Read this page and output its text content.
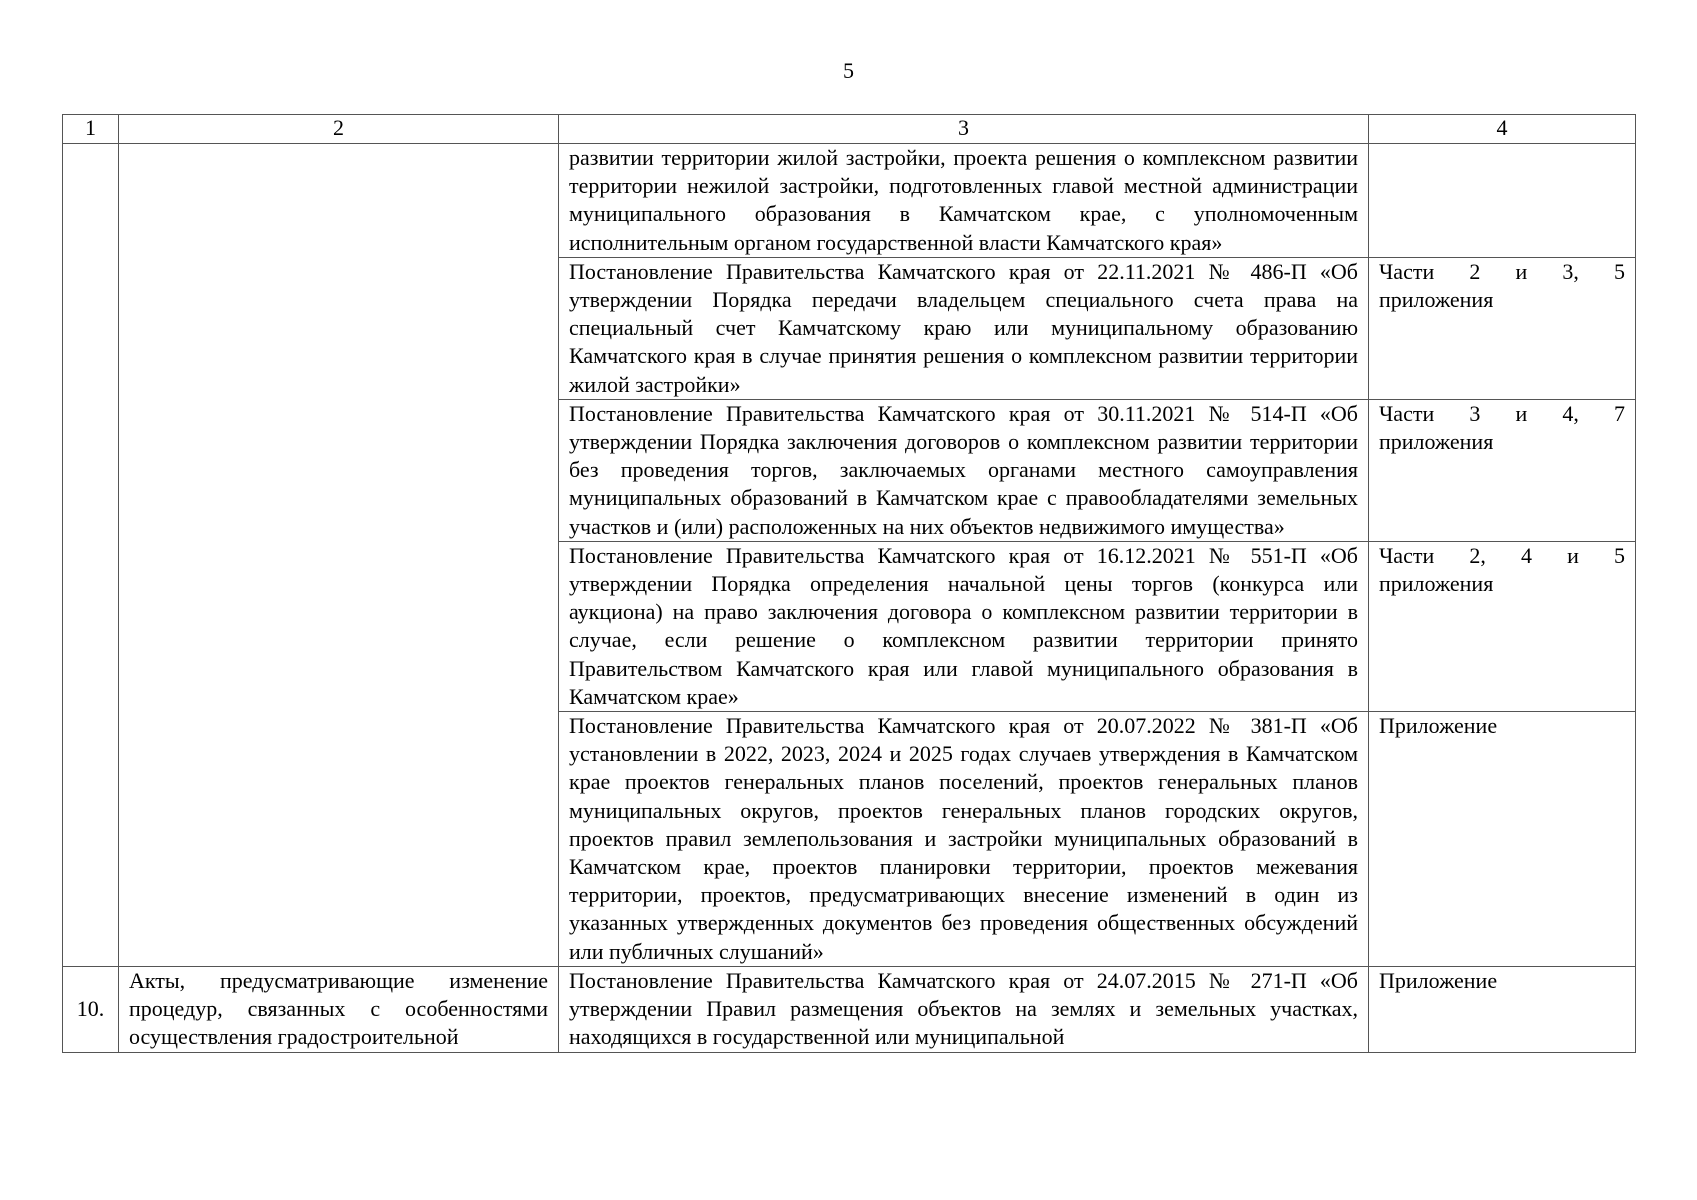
5
1	2	3	4
		развитии территории жилой застройки, проекта решения о комплексном развитии территории нежилой застройки, подготовленных главой местной администрации муниципального образования в Камчатском крае, с уполномоченным исполнительным органом государственной власти Камчатского края»	
		Постановление Правительства Камчатского края от 22.11.2021 № 486-П «Об утверждении Порядка передачи владельцем специального счета права на специальный счет Камчатскому краю или муниципальному образованию Камчатского края в случае принятия решения о комплексном развитии территории жилой застройки»	Части 2 и 3, 5 приложения
		Постановление Правительства Камчатского края от 30.11.2021 № 514-П «Об утверждении Порядка заключения договоров о комплексном развитии территории без проведения торгов, заключаемых органами местного самоуправления муниципальных образований в Камчатском крае с правообладателями земельных участков и (или) расположенных на них объектов недвижимого имущества»	Части 3 и 4, 7 приложения
		Постановление Правительства Камчатского края от 16.12.2021 № 551-П «Об утверждении Порядка определения начальной цены торгов (конкурса или аукциона) на право заключения договора о комплексном развитии территории в случае, если решение о комплексном развитии территории принято Правительством Камчатского края или главой муниципального образования в Камчатском крае»	Части 2, 4 и 5 приложения
		Постановление Правительства Камчатского края от 20.07.2022 № 381-П «Об установлении в 2022, 2023, 2024 и 2025 годах случаев утверждения в Камчатском крае проектов генеральных планов поселений, проектов генеральных планов муниципальных округов, проектов генеральных планов городских округов, проектов правил землепользования и застройки муниципальных образований в Камчатском крае, проектов планировки территории, проектов межевания территории, проектов, предусматривающих внесение изменений в один из указанных утвержденных документов без проведения общественных обсуждений или публичных слушаний»	Приложение
10.	Акты, предусматривающие изменение процедур, связанных с особенностями осуществления градостроительной	Постановление Правительства Камчатского края от 24.07.2015 № 271-П «Об утверждении Правил размещения объектов на землях и земельных участках, находящихся в государственной или муниципальной	Приложение
